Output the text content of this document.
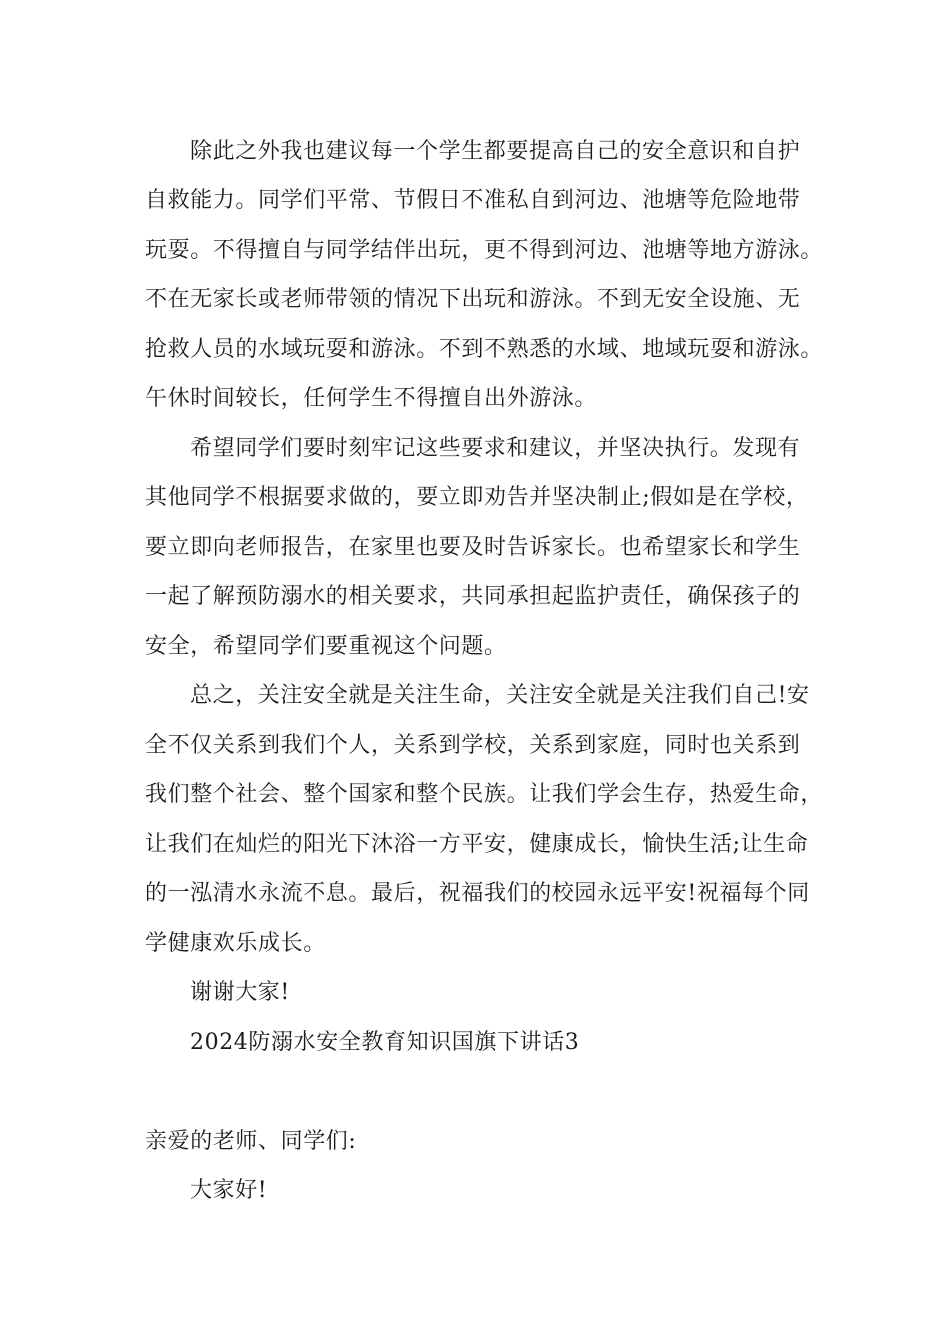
除此之外我也建议每一个学生都要提高自己的安全意识和自护
自救能力。同学们平常、节假日不准私自到河边、池塘等危险地带
玩耍。不得擅自与同学结伴出玩，更不得到河边、池塘等地方游泳。
不在无家长或老师带领的情况下出玩和游泳。不到无安全设施、无
抢救人员的水域玩耍和游泳。不到不熟悉的水域、地域玩耍和游泳。
午休时间较长，任何学生不得擅自出外游泳。
希望同学们要时刻牢记这些要求和建议，并坚决执行。发现有
其他同学不根据要求做的，要立即劝告并坚决制止;假如是在学校，
要立即向老师报告，在家里也要及时告诉家长。也希望家长和学生
一起了解预防溺水的相关要求，共同承担起监护责任，确保孩子的
安全，希望同学们要重视这个问题。
总之，关注安全就是关注生命，关注安全就是关注我们自己!安
全不仅关系到我们个人，关系到学校，关系到家庭，同时也关系到
我们整个社会、整个国家和整个民族。让我们学会生存，热爱生命，
让我们在灿烂的阳光下沐浴一方平安，健康成长，愉快生活;让生命
的一泓清水永流不息。最后，祝福我们的校园永远平安!祝福每个同
学健康欢乐成长。
谢谢大家!
2024防溺水安全教育知识国旗下讲话3
亲爱的老师、同学们:
大家好!
